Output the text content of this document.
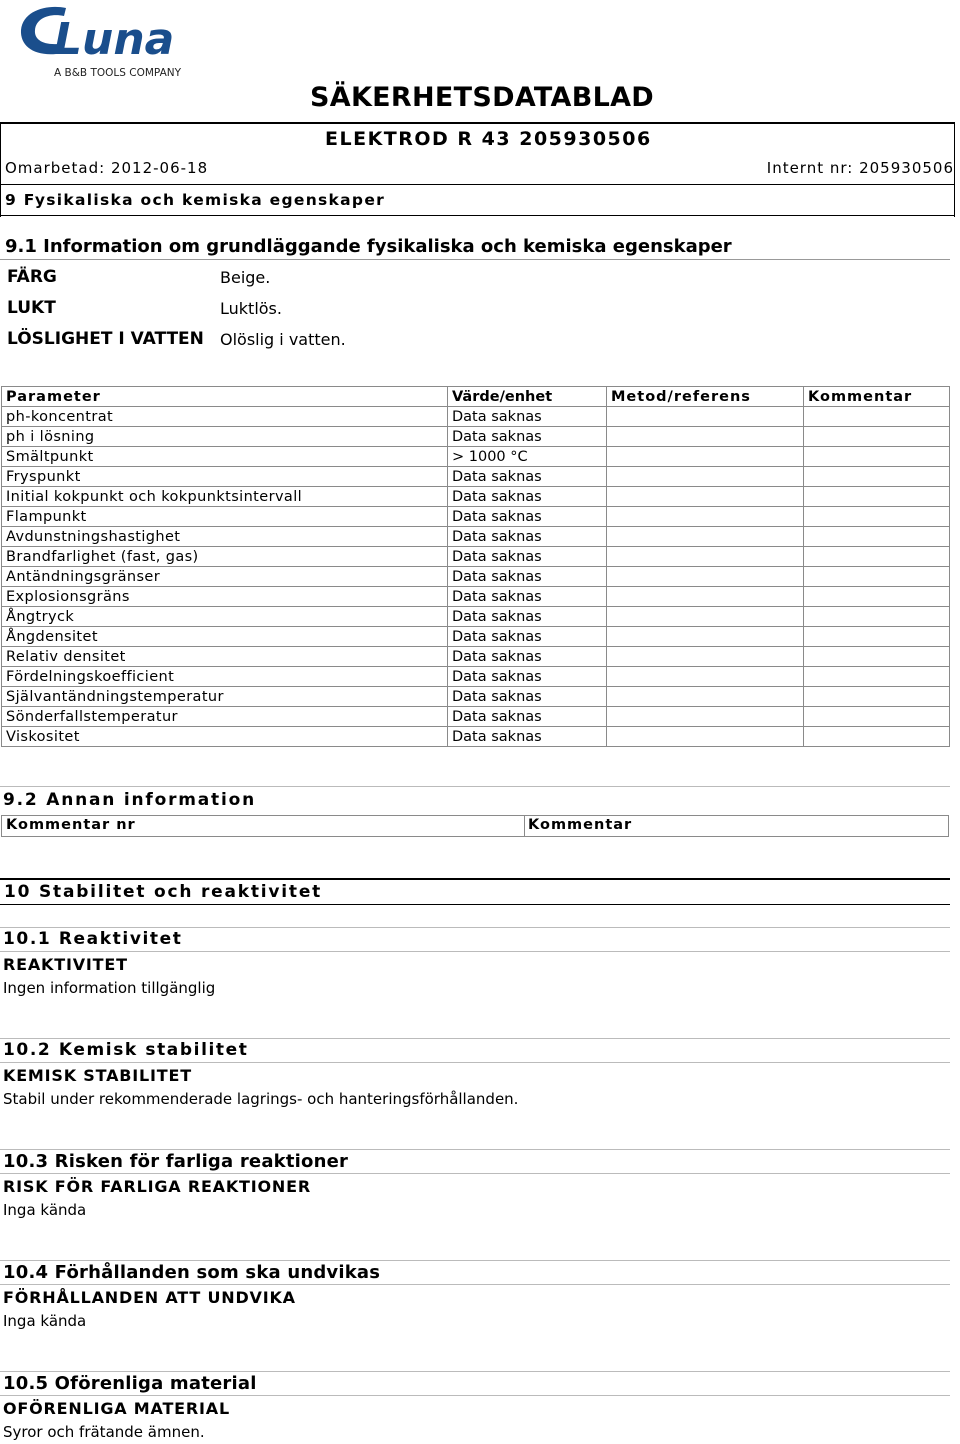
Luna
A B&B TOOLS COMPANY
SÄKERHETSDATABLAD
ELEKTROD R 43 205930506
Omarbetad: 2012-06-18	Internt nr: 205930506
9 Fysikaliska och kemiska egenskaper
9.1 Information om grundläggande fysikaliska och kemiska egenskaper
FÄRG	Beige.
LUKT	Luktlös.
LÖSLIGHET I VATTEN Olöslig i vatten.
Parameter	Värde/enhet	Metod/referens	Kommentar
ph-koncentrat	Data saknas		
ph i lösning	Data saknas		
Smältpunkt	> 1000 °C		
Fryspunkt	Data saknas		
Initial kokpunkt och kokpunktsintervall	Data saknas		
Flampunkt	Data saknas		
Avdunstningshastighet	Data saknas		
Brandfarlighet (fast, gas)	Data saknas		
Antändningsgränser	Data saknas		
Explosionsgräns	Data saknas		
Ångtryck	Data saknas		
Ångdensitet	Data saknas		
Relativ densitet	Data saknas		
Fördelningskoefficient	Data saknas		
Självantändningstemperatur	Data saknas		
Sönderfallstemperatur	Data saknas		
Viskositet	Data saknas		
9.2 Annan information
Kommentar nr	Kommentar
10 Stabilitet och reaktivitet
10.1 Reaktivitet
REAKTIVITET
Ingen information tillgänglig
10.2 Kemisk stabilitet
KEMISK STABILITET
Stabil under rekommenderade lagrings- och hanteringsförhållanden.
10.3 Risken för farliga reaktioner
RISK FÖR FARLIGA REAKTIONER
Inga kända
10.4 Förhållanden som ska undvikas
FÖRHÅLLANDEN ATT UNDVIKA
Inga kända
10.5 Oförenliga material
OFÖRENLIGA MATERIAL
Syror och frätande ämnen.
